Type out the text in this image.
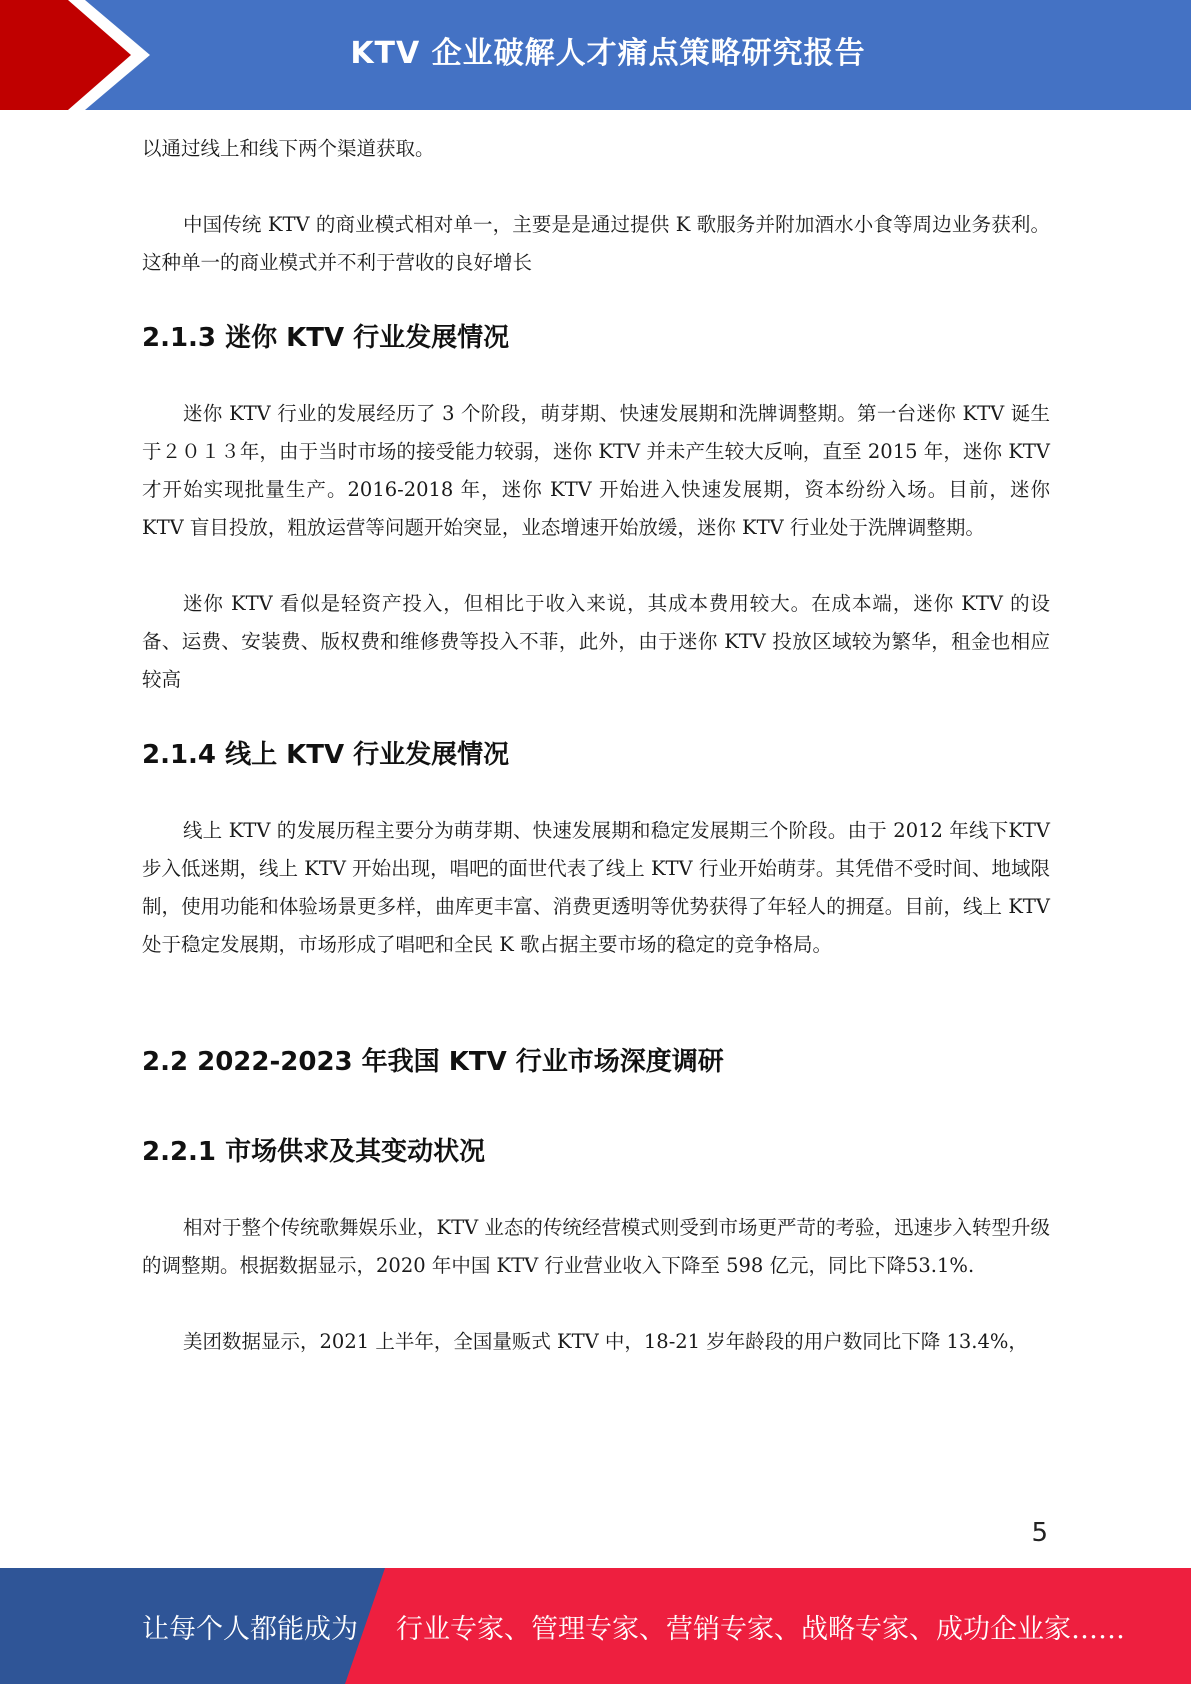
KTV 企业破解人才痛点策略研究报告

以通过线上和线下两个渠道获取。

中国传统 KTV 的商业模式相对单一，主要是是通过提供 K 歌服务并附加酒水小食等周边业务获利。这种单一的商业模式并不利于营收的良好增长

2.1.3 迷你 KTV 行业发展情况

迷你 KTV 行业的发展经历了 3 个阶段，萌芽期、快速发展期和洗牌调整期。第一台迷你 KTV 诞生于２０１３年，由于当时市场的接受能力较弱，迷你 KTV 并未产生较大反响，直至 2015 年，迷你 KTV 才开始实现批量生产。2016-2018 年，迷你 KTV 开始进入快速发展期，资本纷纷入场。目前，迷你 KTV 盲目投放，粗放运营等问题开始突显，业态增速开始放缓，迷你 KTV 行业处于洗牌调整期。

迷你 KTV 看似是轻资产投入，但相比于收入来说，其成本费用较大。在成本端，迷你 KTV 的设备、运费、安装费、版权费和维修费等投入不菲，此外，由于迷你 KTV 投放区域较为繁华，租金也相应较高

2.1.4 线上 KTV 行业发展情况

线上 KTV 的发展历程主要分为萌芽期、快速发展期和稳定发展期三个阶段。由于 2012 年线下KTV 步入低迷期，线上 KTV 开始出现，唱吧的面世代表了线上 KTV 行业开始萌芽。其凭借不受时间、地域限制，使用功能和体验场景更多样，曲库更丰富、消费更透明等优势获得了年轻人的拥趸。目前，线上 KTV 处于稳定发展期，市场形成了唱吧和全民 K 歌占据主要市场的稳定的竞争格局。

2.2 2022-2023 年我国 KTV 行业市场深度调研
2.2.1 市场供求及其变动状况

相对于整个传统歌舞娱乐业，KTV 业态的传统经营模式则受到市场更严苛的考验，迅速步入转型升级的调整期。根据数据显示，2020 年中国 KTV 行业营业收入下降至 598 亿元，同比下降53.1%.

美团数据显示，2021 上半年，全国量贩式 KTV 中，18-21 岁年龄段的用户数同比下降 13.4%，

5
让每个人都能成为 行业专家、管理专家、营销专家、战略专家、成功企业家……
